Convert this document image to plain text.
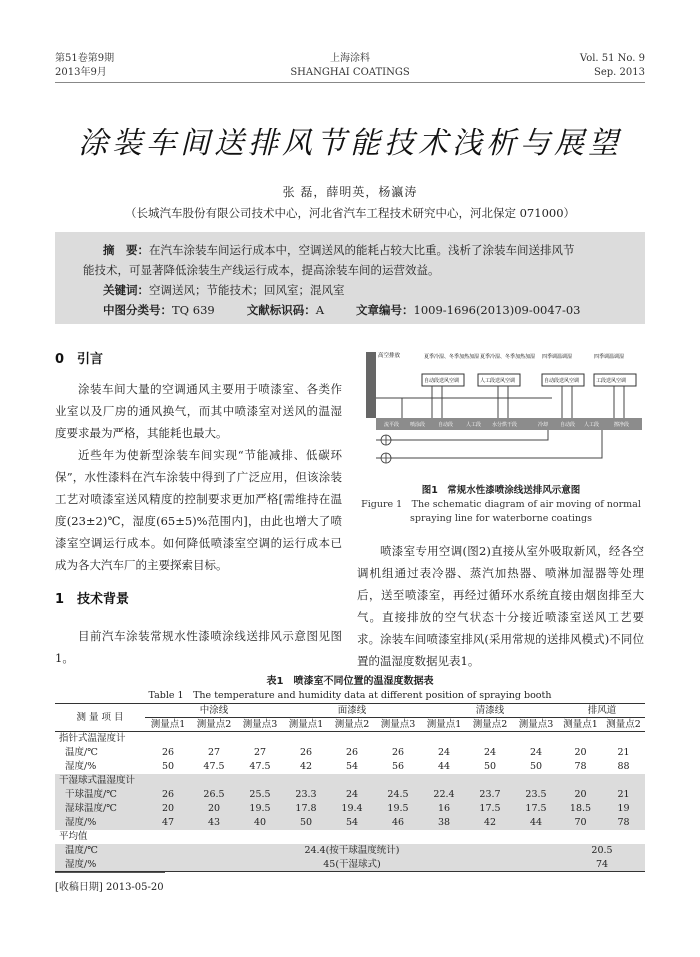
第51卷第9期
2013年9月
上海涂料
SHANGHAI COATINGS
Vol. 51 No. 9
Sep. 2013
涂装车间送排风节能技术浅析与展望
张 磊，薛明英，杨瀛涛
（长城汽车股份有限公司技术中心，河北省汽车工程技术研究中心，河北保定 071000）
摘　要：在汽车涂装车间运行成本中，空调送风的能耗占较大比重。浅析了涂装车间送排风节
能技术，可显著降低涂装生产线运行成本，提高涂装车间的运营效益。
关键词：空调送风；节能技术；回风室；混风室
中图分类号：TQ 639	文献标识码：A	文章编号：1009-1696(2013)09-0047-03
0　引言
涂装车间大量的空调通风主要用于喷漆室、各类作业室以及厂房的通风换气，而其中喷漆室对送风的温湿度要求最为严格，其能耗也最大。
近些年为使新型涂装车间实现“节能减排、低碳环保”，水性漆料在汽车涂装中得到了广泛应用，但该涂装工艺对喷漆室送风精度的控制要求更加严格[需维持在温度(23±2)℃，湿度(65±5)%范围内]，由此也增大了喷漆室空调运行成本。如何降低喷漆室空调的运行成本已成为各大汽车厂的主要探索目标。
1　技术背景
目前汽车涂装常规水性漆喷涂线送排风示意图见图1。
高空排放	夏季冷湿、冬季加热加湿 夏季冷湿、冬季加热加湿 四季调温调湿	四季调温调湿
自动段送风空调	人工段送风空调	自动段送风空调	工段送风空调
流平段 喷涂段	自动段	人工段 水分烘干段	冷却 自动段 人工段	擦净段
图1　常规水性漆喷涂线送排风示意图
Figure 1　The schematic diagram of air moving of normal
spraying line for waterborne coatings
喷漆室专用空调(图2)直接从室外吸取新风，经各空调机组通过表冷器、蒸汽加热器、喷淋加湿器等处理后，送至喷漆室，再经过循环水系统直接由烟囱排至大气。直接排放的空气状态十分接近喷漆室送风工艺要求。涂装车间喷漆室排风(采用常规的送排风模式)不同位置的温湿度数据见表1。
表1　喷漆室不同位置的温湿度数据表
Table 1　The temperature and humidity data at different position of spraying booth
测 量 项 目	中涂线			面漆线			清漆线			排风道	
	测量点1	测量点2	测量点3	测量点1	测量点2	测量点3	测量点1	测量点2	测量点3	测量点1	测量点2
指针式温湿度计											
温度/℃	26	27	27	26	26	26	24	24	24	20	21
湿度/%	50	47.5	47.5	42	54	56	44	50	50	78	88
干湿球式温湿度计											
干球温度/℃	26	26.5	25.5	23.3	24	24.5	22.4	23.7	23.5	20	21
湿球温度/℃	20	20	19.5	17.8	19.4	19.5	16	17.5	17.5	18.5	19
湿度/%	47	43	40	50	54	46	38	42	44	70	78
平均值											
温度/℃	24.4(按干球温度统计)									20.5	
湿度/%	45(干湿球式)									74	
[收稿日期] 2013-05-20
